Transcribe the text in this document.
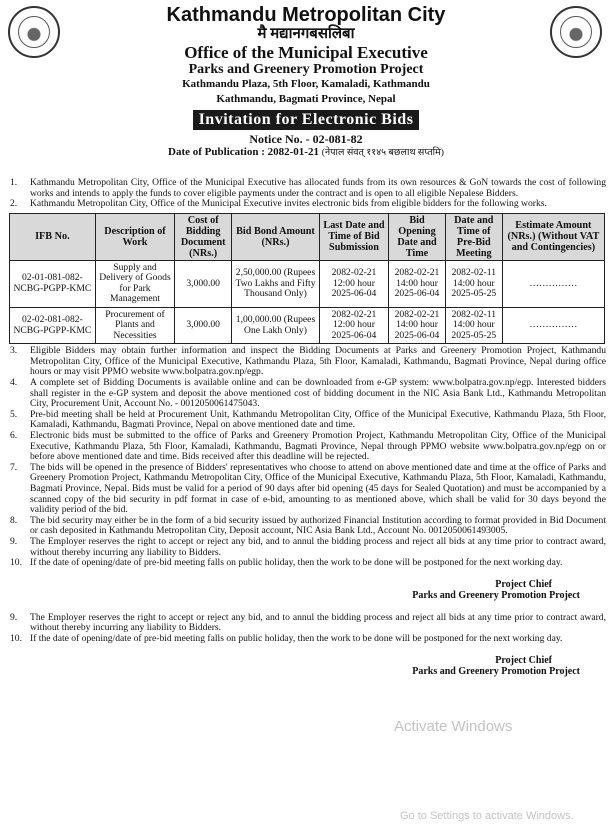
Kathmandu Metropolitan City
मै मद्यानगबसलिबा
Office of the Municipal Executive
Parks and Greenery Promotion Project
Kathmandu Plaza, 5th Floor, Kamaladi, Kathmandu
Kathmandu, Bagmati Province, Nepal
Invitation for Electronic Bids
Notice No. - 02-081-82
Date of Publication : 2082-01-21 (नेपाल संवत् ११४५ बछलाथ सप्तमि)

1. Kathmandu Metropolitan City, Office of the Municipal Executive has allocated funds from its own resources & GoN towards the cost of following works and intends to apply the funds to cover eligible payments under the contract and is open to all eligible Nepalese Bidders.

2. Kathmandu Metropolitan City, Office of the Municipal Executive invites electronic bids from eligible bidders for the following works.

IFB No.	Description of Work	Cost of Bidding Document (NRs.)	Bid Bond Amount (NRs.)	Last Date and Time of Bid Submission	Bid Opening Date and Time	Date and Time of Pre-Bid Meeting	Estimate Amount (NRs.) (Without VAT and Contingencies)
02-01-081-082-NCBG-PGPP-KMC	Supply and Delivery of Goods for Park Management	3,000.00	2,50,000.00 (Rupees Two Lakhs and Fifty Thousand Only)	2082-02-21 12:00 hour 2025-06-04	2082-02-21 14:00 hour 2025-06-04	2082-02-11 14:00 hour 2025-05-25	……………
02-02-081-082-NCBG-PGPP-KMC	Procurement of Plants and Necessities	3,000.00	1,00,000.00 (Rupees One Lakh Only)	2082-02-21 12:00 hour 2025-06-04	2082-02-21 14:00 hour 2025-06-04	2082-02-11 14:00 hour 2025-05-25	……………

3. Eligible Bidders may obtain further information and inspect the Bidding Documents at Parks and Greenery Promotion Project, Kathmandu Metropolitan City, Office of the Municipal Executive, Kathmandu Plaza, 5th Floor, Kamaladi, Kathmandu, Bagmati Province, Nepal during office hours or may visit PPMO website www.bolpatra.gov.np/egp.

4. A complete set of Bidding Documents is available online and can be downloaded from e-GP system: www.bolpatra.gov.np/egp. Interested bidders shall register in the e-GP system and deposit the above mentioned cost of bidding document in the NIC Asia Bank Ltd., Kathmandu Metropolitan City, Procurement Unit, Account No. - 0012050061475043.

5. Pre-bid meeting shall be held at Procurement Unit, Kathmandu Metropolitan City, Office of the Municipal Executive, Kathmandu Plaza, 5th Floor, Kamaladi, Kathmandu, Bagmati Province, Nepal on above mentioned date and time.

6. Electronic bids must be submitted to the office of Parks and Greenery Promotion Project, Kathmandu Metropolitan City, Office of the Municipal Executive, Kathmandu Plaza, 5th Floor, Kamaladi, Kathmandu, Bagmati Province, Nepal through PPMO website www.bolpatra.gov.np/egp on or before above mentioned date and time. Bids received after this deadline will be rejected.

7. The bids will be opened in the presence of Bidders' representatives who choose to attend on above mentioned date and time at the office of Parks and Greenery Promotion Project, Kathmandu Metropolitan City, Office of the Municipal Executive, Kathmandu Plaza, 5th Floor, Kamaladi, Kathmandu, Bagmati Province, Nepal. Bids must be valid for a period of 90 days after bid opening (45 days for Sealed Quotation) and must be accompanied by a scanned copy of the bid security in pdf format in case of e-bid, amounting to as mentioned above, which shall be valid for 30 days beyond the validity period of the bid.

8. The bid security may either be in the form of a bid security issued by authorized Financial Institution according to format provided in Bid Document or cash deposited in Kathmandu Metropolitan City, Deposit account, NIC Asia Bank Ltd., Account No. 0012050061493005.

9. The Employer reserves the right to accept or reject any bid, and to annul the bidding process and reject all bids at any time prior to contract award, without thereby incurring any liability to Bidders.

10. If the date of opening/date of pre-bid meeting falls on public holiday, then the work to be done will be postponed for the next working day.

Project Chief
Parks and Greenery Promotion Project

9. The Employer reserves the right to accept or reject any bid, and to annul the bidding process and reject all bids at any time prior to contract award, without thereby incurring any liability to Bidders.

10. If the date of opening/date of pre-bid meeting falls on public holiday, then the work to be done will be postponed for the next working day.

Project Chief
Parks and Greenery Promotion Project
Activate Windows
Go to Settings to activate Windows.
